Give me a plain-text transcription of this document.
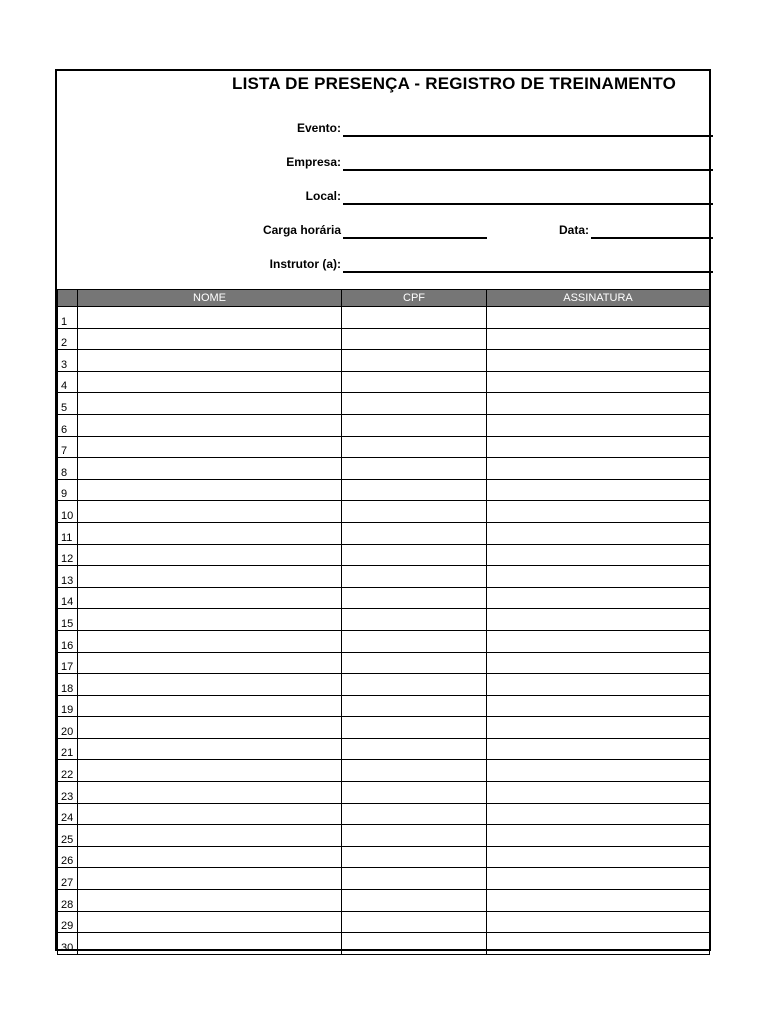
LISTA DE PRESENÇA - REGISTRO DE TREINAMENTO
Evento:
Empresa:
Local:
Carga horária	Data:
Instrutor (a):
	NOME	CPF	ASSINATURA
1			
2			
3			
4			
5			
6			
7			
8			
9			
10			
11			
12			
13			
14			
15			
16			
17			
18			
19			
20			
21			
22			
23			
24			
25			
26			
27			
28			
29			
30			
